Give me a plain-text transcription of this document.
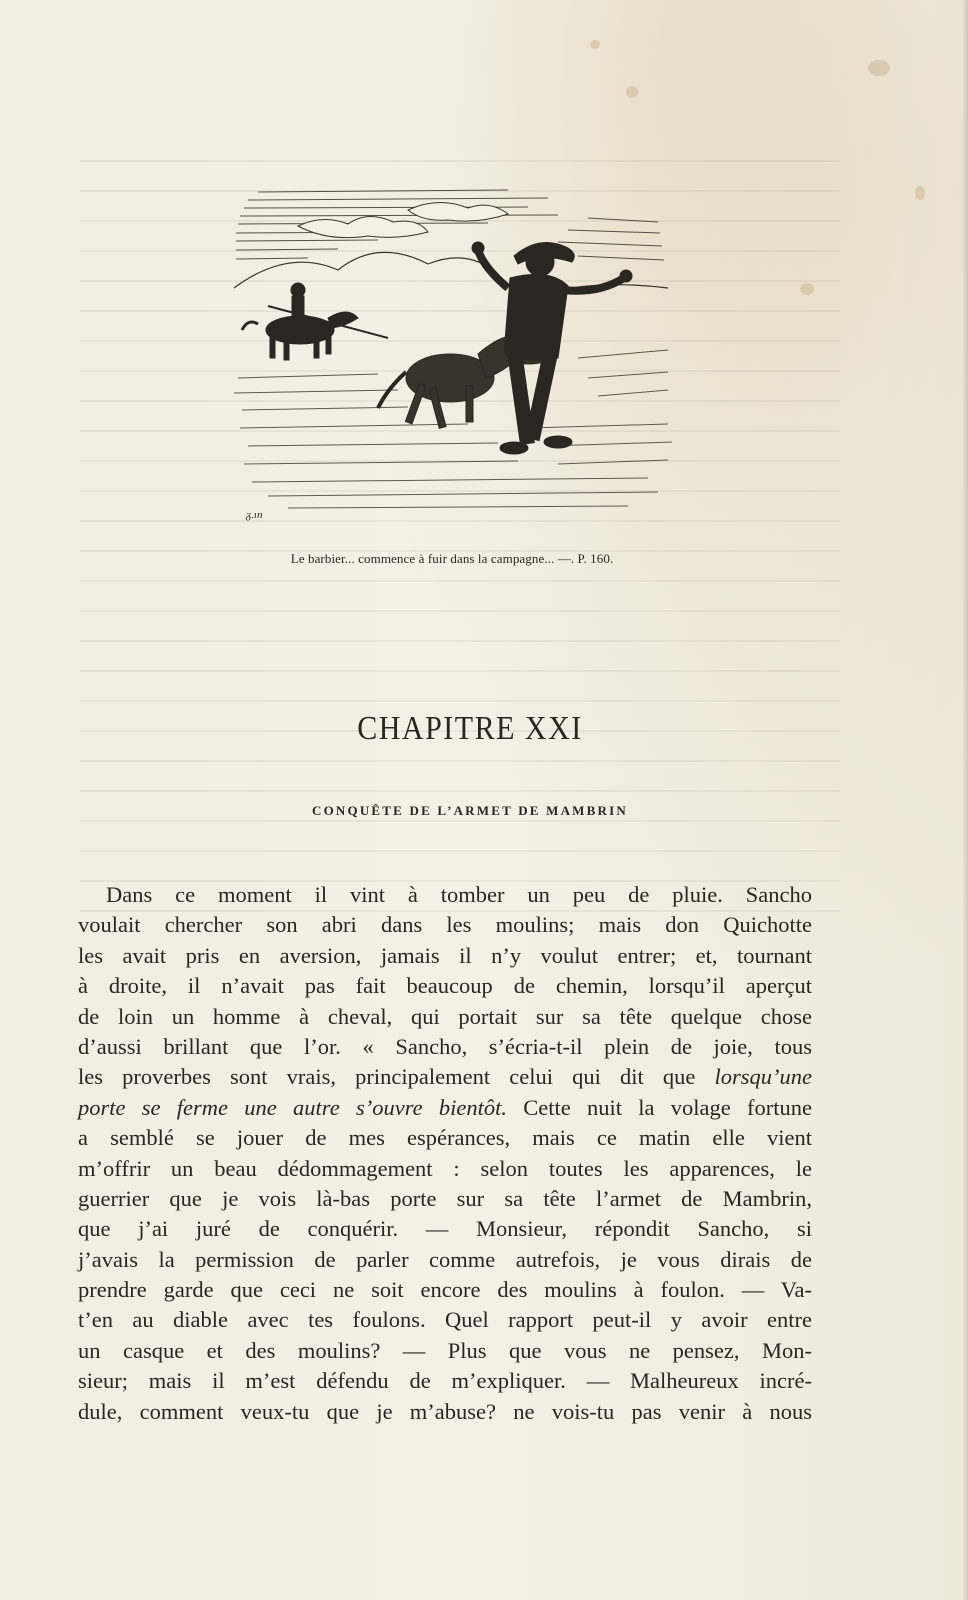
ᵹ.ın
Le barbier... commence à fuir dans la campagne... —. P. 160.
CHAPITRE XXI
CONQUÊTE DE L’ARMET DE MAMBRIN
Dans ce moment il vint à tomber un peu de pluie. Sancho
voulait chercher son abri dans les moulins; mais don Quichotte
les avait pris en aversion, jamais il n’y voulut entrer; et, tournant
à droite, il n’avait pas fait beaucoup de chemin, lorsqu’il aperçut
de loin un homme à cheval, qui portait sur sa tête quelque chose
d’aussi brillant que l’or. « Sancho, s’écria-t-il plein de joie, tous
les proverbes sont vrais, principalement celui qui dit que lorsqu’une
porte se ferme une autre s’ouvre bientôt. Cette nuit la volage fortune
a semblé se jouer de mes espérances, mais ce matin elle vient
m’offrir un beau dédommagement : selon toutes les apparences, le
guerrier que je vois là-bas porte sur sa tête l’armet de Mambrin,
que j’ai juré de conquérir. — Monsieur, répondit Sancho, si
j’avais la permission de parler comme autrefois, je vous dirais de
prendre garde que ceci ne soit encore des moulins à foulon. — Va-
t’en au diable avec tes foulons. Quel rapport peut-il y avoir entre
un casque et des moulins? — Plus que vous ne pensez, Mon-
sieur; mais il m’est défendu de m’expliquer. — Malheureux incré-
dule, comment veux-tu que je m’abuse? ne vois-tu pas venir à nous
